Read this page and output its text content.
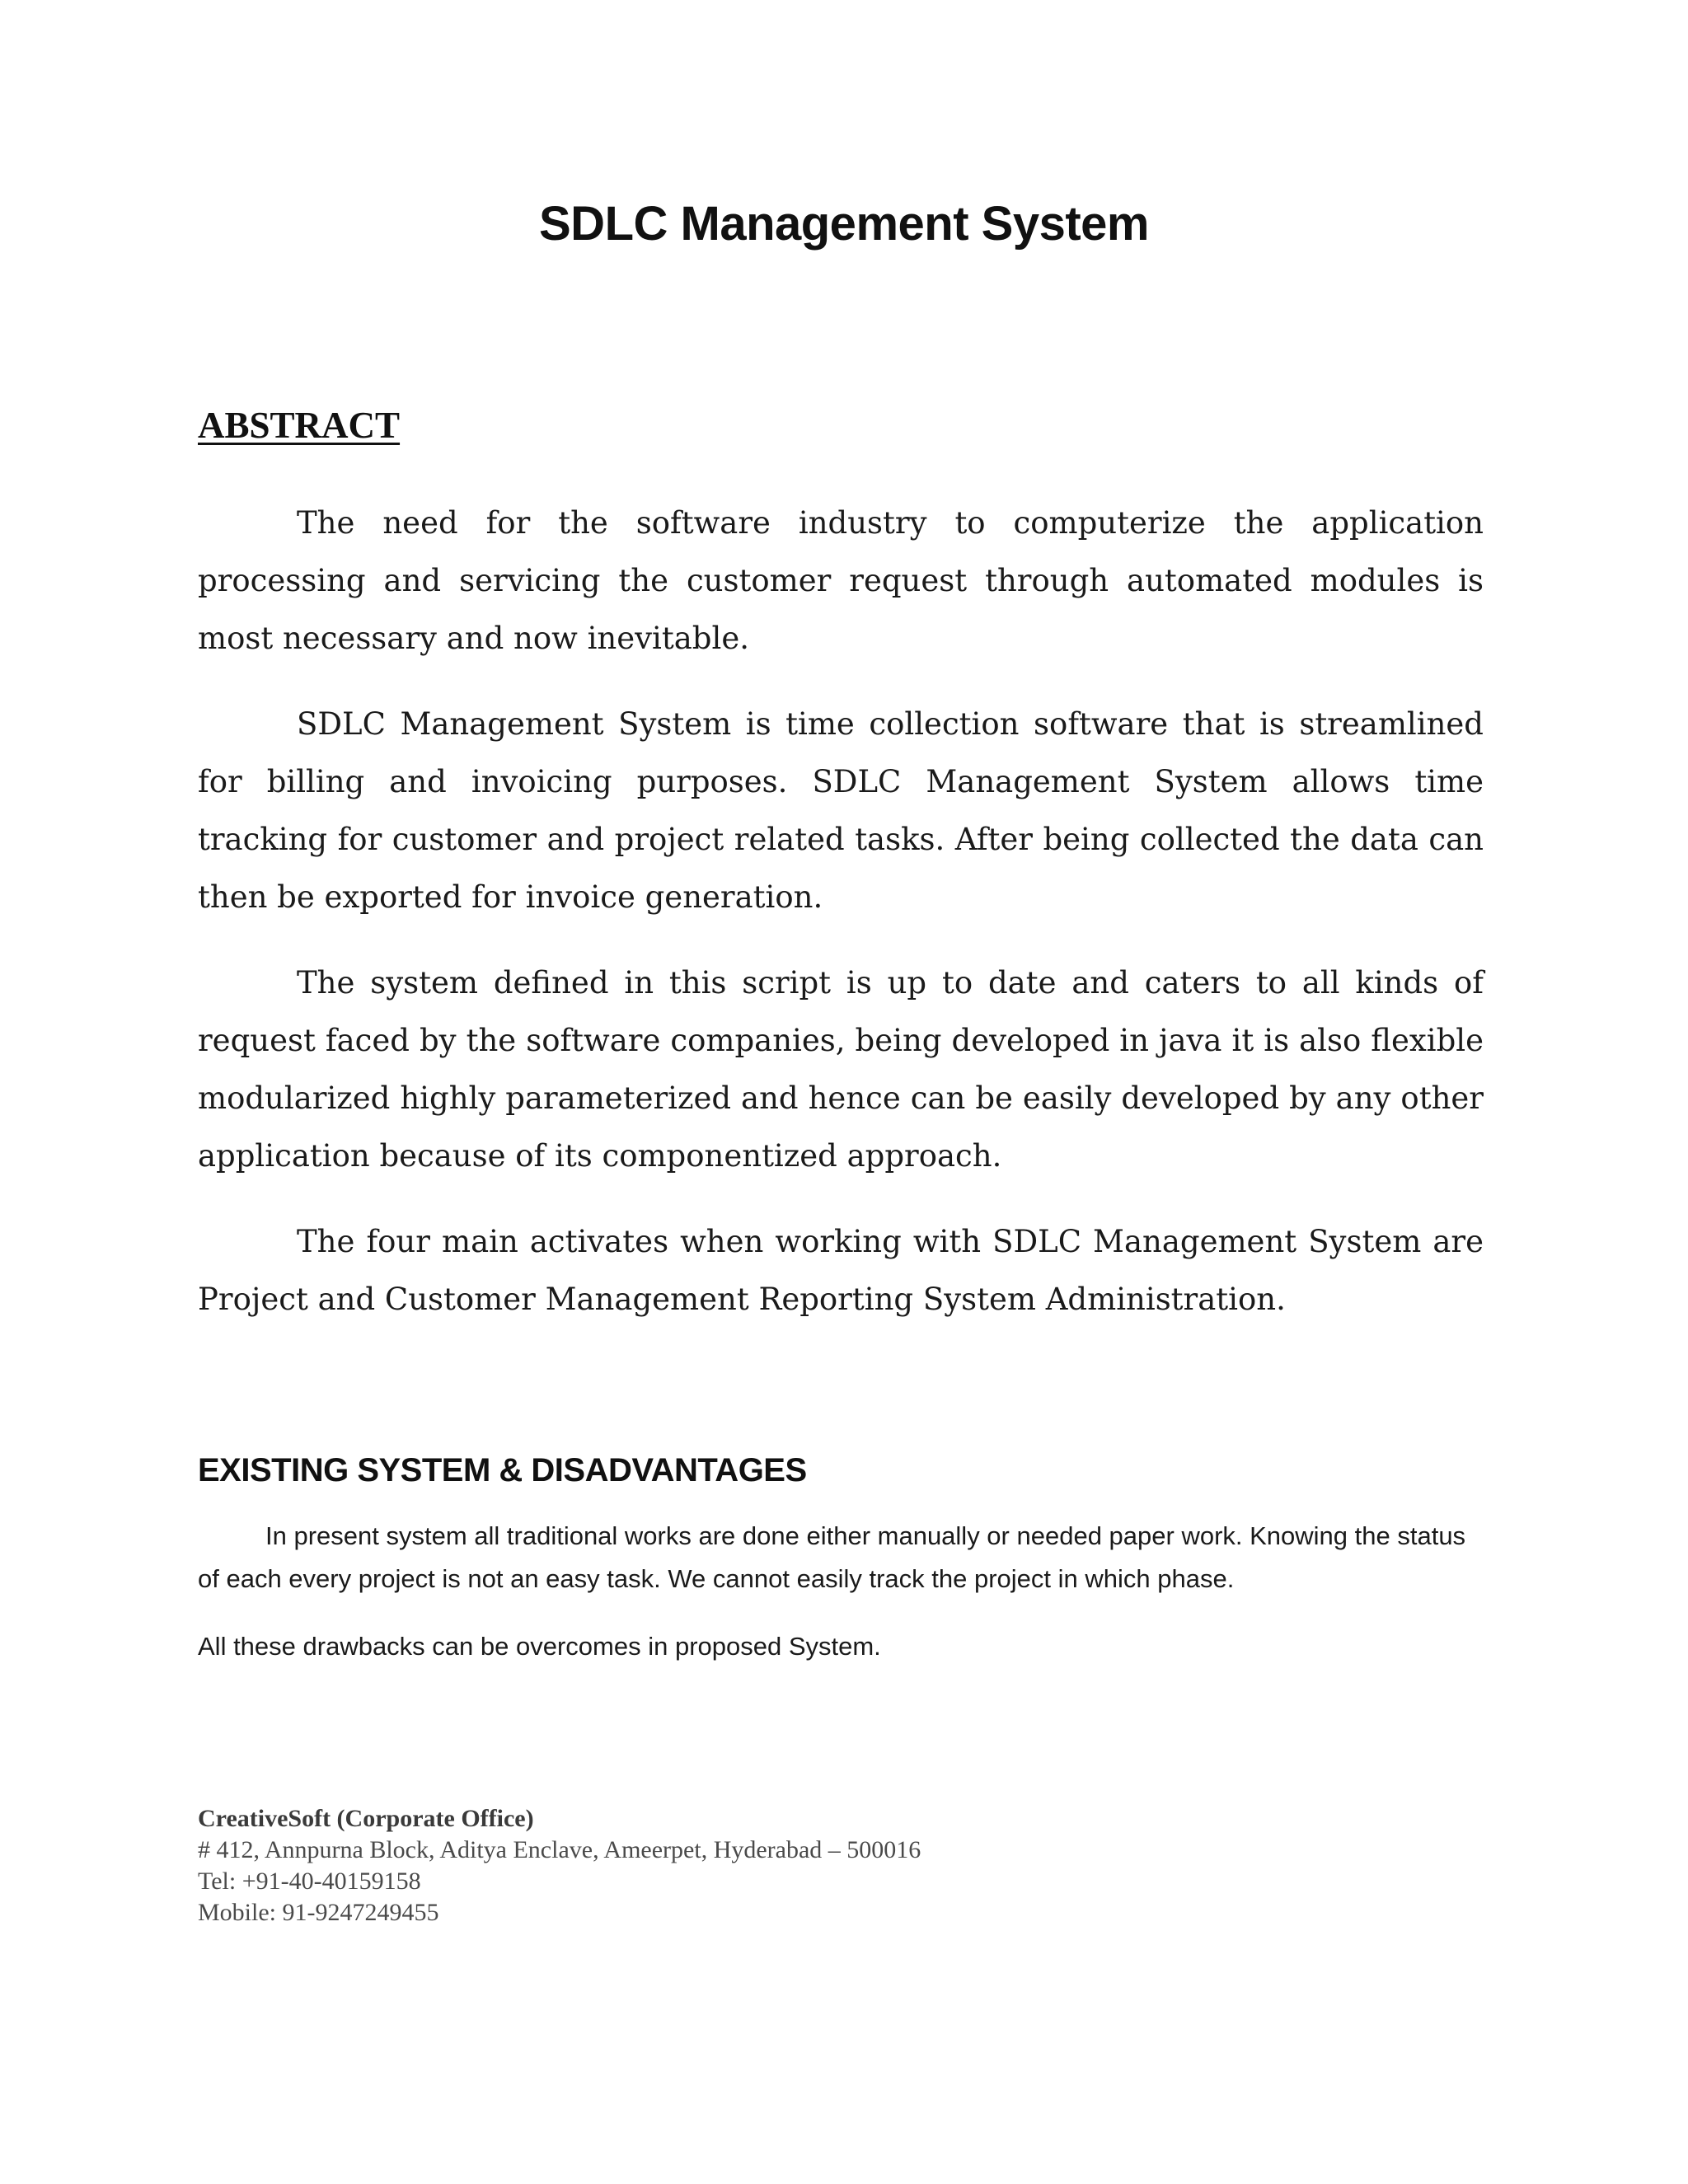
SDLC Management System
ABSTRACT

The need for the software industry to computerize the application processing and servicing the customer request through automated modules is most necessary and now inevitable.

SDLC Management System is time collection software that is streamlined for billing and invoicing purposes. SDLC Management System allows time tracking for customer and project related tasks. After being collected the data can then be exported for invoice generation.

The system defined in this script is up to date and caters to all kinds of request faced by the software companies, being developed in java it is also flexible modularized highly parameterized and hence can be easily developed by any other application because of its componentized approach.

The four main activates when working with SDLC Management System are Project and Customer Management Reporting System Administration.

EXISTING SYSTEM & DISADVANTAGES

In present system all traditional works are done either manually or needed paper work. Knowing the status of each every project is not an easy task. We cannot easily track the project in which phase.

All these drawbacks can be overcomes in proposed System.

CreativeSoft (Corporate Office)
# 412, Annpurna Block, Aditya Enclave, Ameerpet, Hyderabad – 500016
Tel: +91-40-40159158
Mobile: 91-9247249455
